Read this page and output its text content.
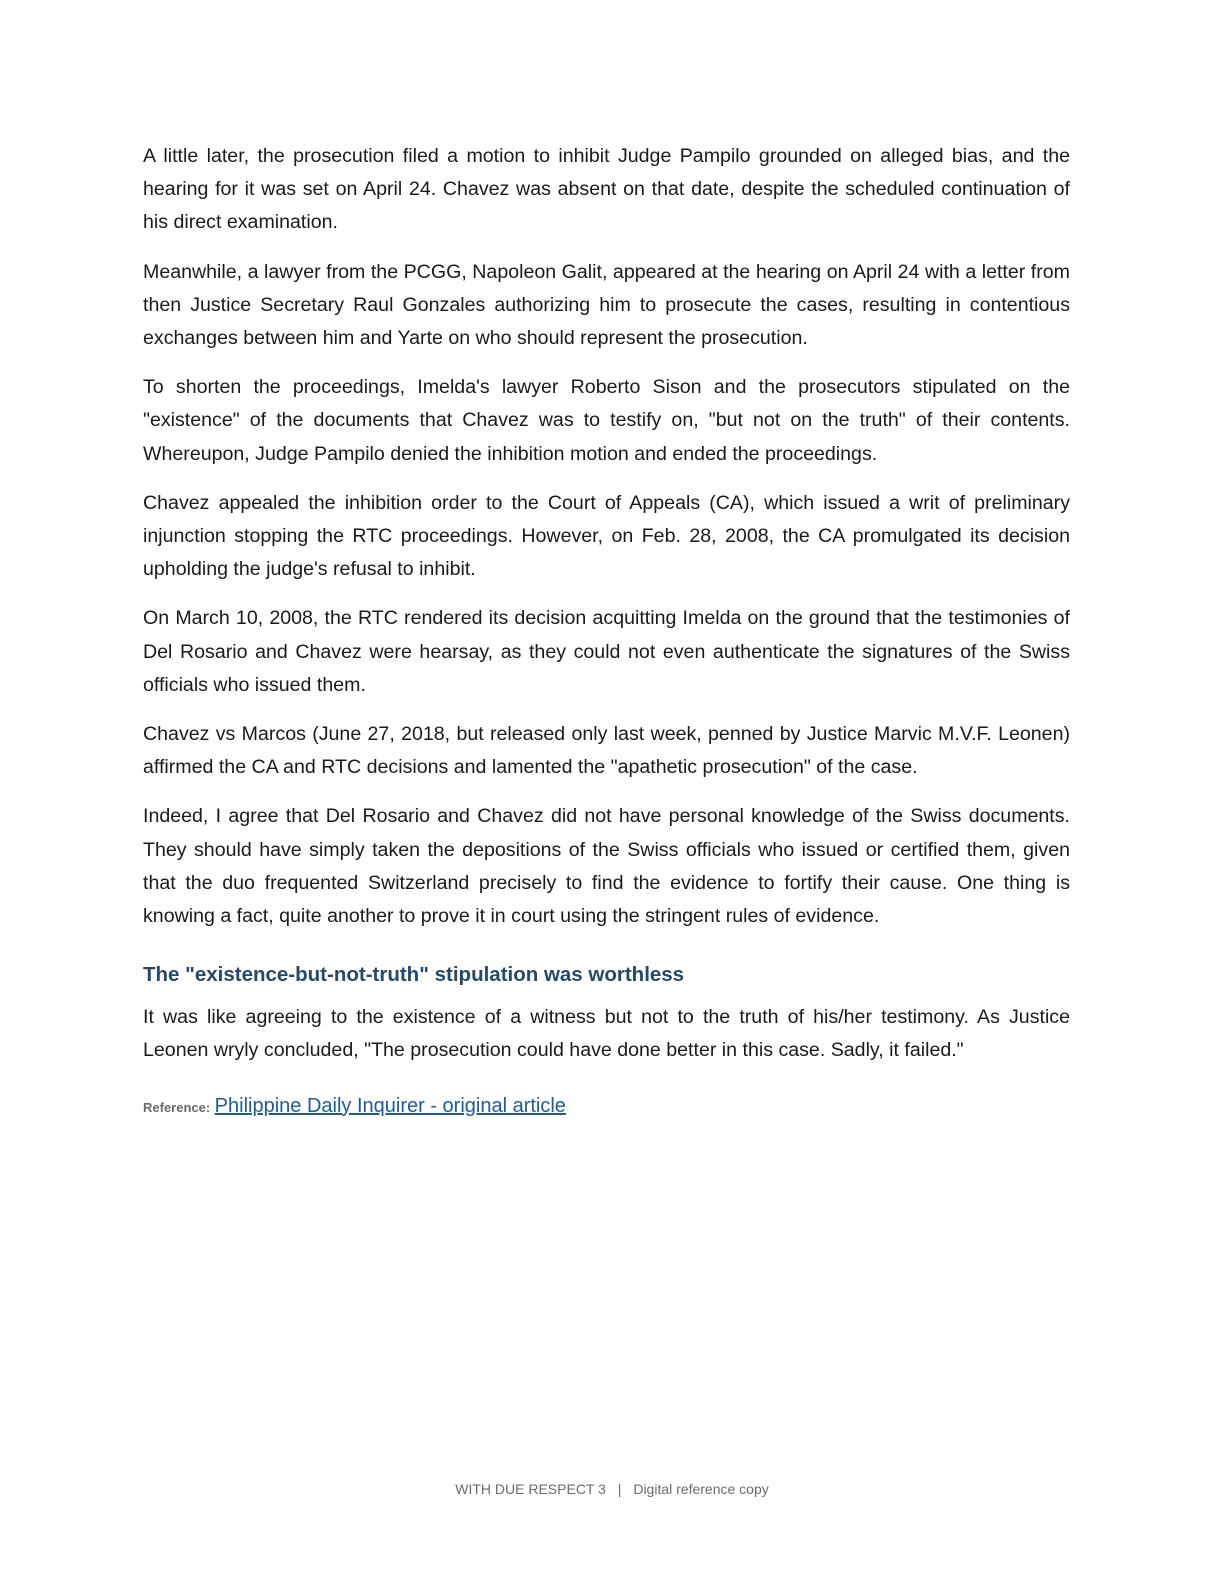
A little later, the prosecution filed a motion to inhibit Judge Pampilo grounded on alleged bias, and the hearing for it was set on April 24. Chavez was absent on that date, despite the scheduled continuation of his direct examination.

Meanwhile, a lawyer from the PCGG, Napoleon Galit, appeared at the hearing on April 24 with a letter from then Justice Secretary Raul Gonzales authorizing him to prosecute the cases, resulting in contentious exchanges between him and Yarte on who should represent the prosecution.

To shorten the proceedings, Imelda's lawyer Roberto Sison and the prosecutors stipulated on the "existence" of the documents that Chavez was to testify on, "but not on the truth" of their contents. Whereupon, Judge Pampilo denied the inhibition motion and ended the proceedings.

Chavez appealed the inhibition order to the Court of Appeals (CA), which issued a writ of preliminary injunction stopping the RTC proceedings. However, on Feb. 28, 2008, the CA promulgated its decision upholding the judge's refusal to inhibit.

On March 10, 2008, the RTC rendered its decision acquitting Imelda on the ground that the testimonies of Del Rosario and Chavez were hearsay, as they could not even authenticate the signatures of the Swiss officials who issued them.

Chavez vs Marcos (June 27, 2018, but released only last week, penned by Justice Marvic M.V.F. Leonen) affirmed the CA and RTC decisions and lamented the "apathetic prosecution" of the case.

Indeed, I agree that Del Rosario and Chavez did not have personal knowledge of the Swiss documents. They should have simply taken the depositions of the Swiss officials who issued or certified them, given that the duo frequented Switzerland precisely to find the evidence to fortify their cause. One thing is knowing a fact, quite another to prove it in court using the stringent rules of evidence.

The "existence-but-not-truth" stipulation was worthless

It was like agreeing to the existence of a witness but not to the truth of his/her testimony. As Justice Leonen wryly concluded, "The prosecution could have done better in this case. Sadly, it failed."

Reference: Philippine Daily Inquirer - original article
WITH DUE RESPECT 3 | Digital reference copy
